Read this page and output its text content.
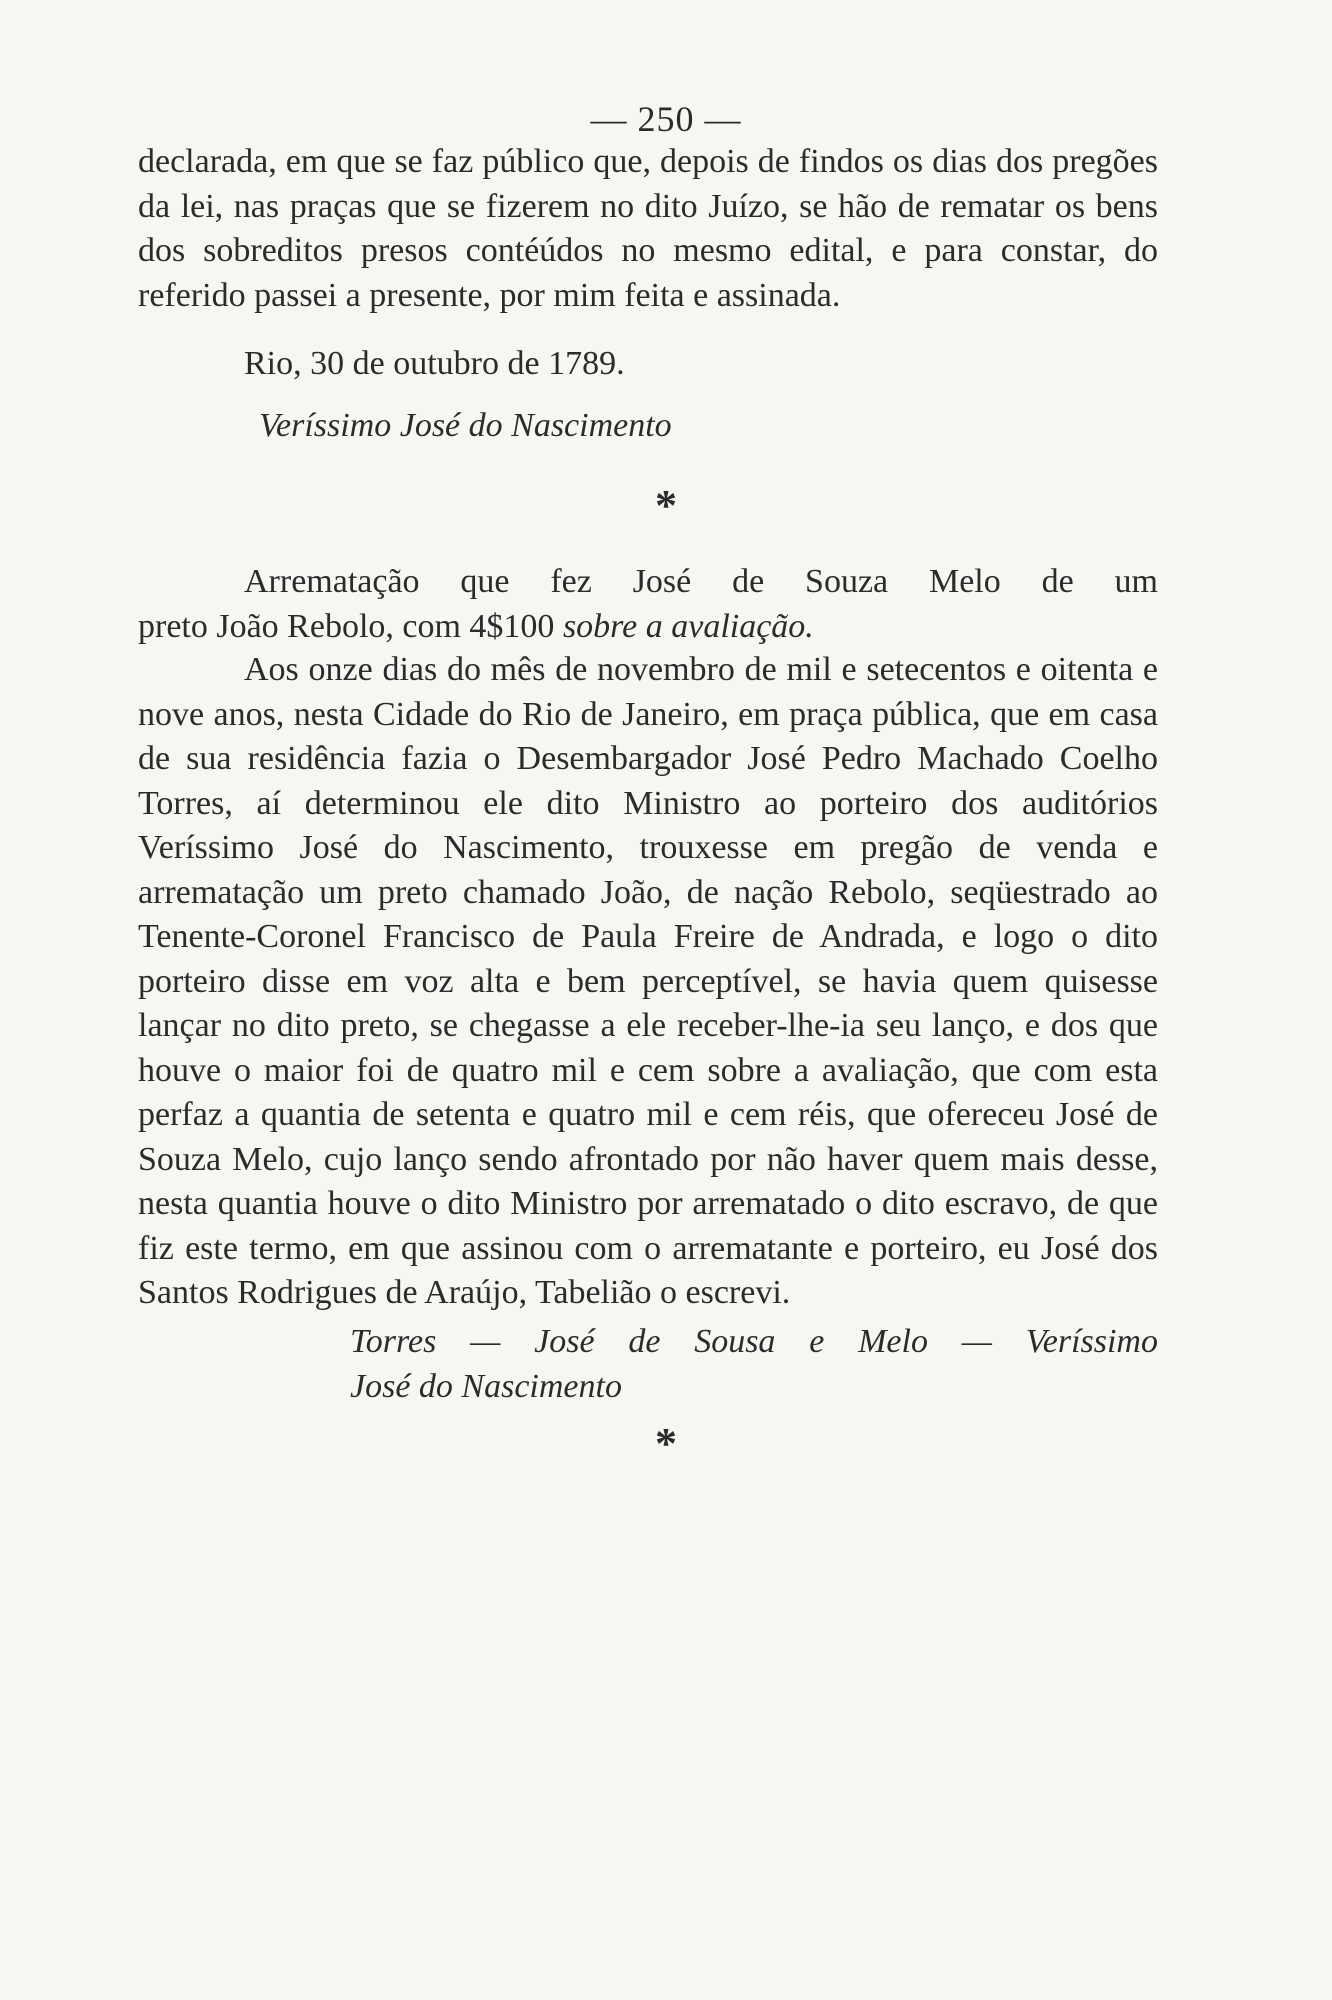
— 250 —

declarada, em que se faz público que, depois de findos os dias dos pregões da lei, nas praças que se fizerem no dito Juízo, se hão de rematar os bens dos sobreditos presos contéúdos no mesmo edital, e para constar, do referido passei a presente, por mim feita e assinada.

Rio, 30 de outubro de 1789.
Veríssimo José do Nascimento
*

Arrematação que fez José de Souza Melo de um

preto João Rebolo, com 4$100 sobre a avaliação.

Aos onze dias do mês de novembro de mil e setecentos e oitenta e nove anos, nesta Cidade do Rio de Janeiro, em praça pública, que em casa de sua residência fazia o Desembargador José Pedro Machado Coelho Torres, aí determinou ele dito Ministro ao porteiro dos auditórios Veríssimo José do Nascimento, trouxesse em pregão de venda e arrematação um preto chamado João, de nação Rebolo, seqüestrado ao Tenente-Coronel Francisco de Paula Freire de Andrada, e logo o dito porteiro disse em voz alta e bem perceptível, se havia quem quisesse lançar no dito preto, se chegasse a ele receber-lhe-ia seu lanço, e dos que houve o maior foi de quatro mil e cem sobre a avaliação, que com esta perfaz a quantia de setenta e quatro mil e cem réis, que ofereceu José de Souza Melo, cujo lanço sendo afrontado por não haver quem mais desse, nesta quantia houve o dito Ministro por arrematado o dito escravo, de que fiz este termo, em que assinou com o arrematante e porteiro, eu José dos Santos Rodrigues de Araújo, Tabelião o escrevi.

Torres — José de Sousa e Melo — Veríssimo

José do Nascimento

*
